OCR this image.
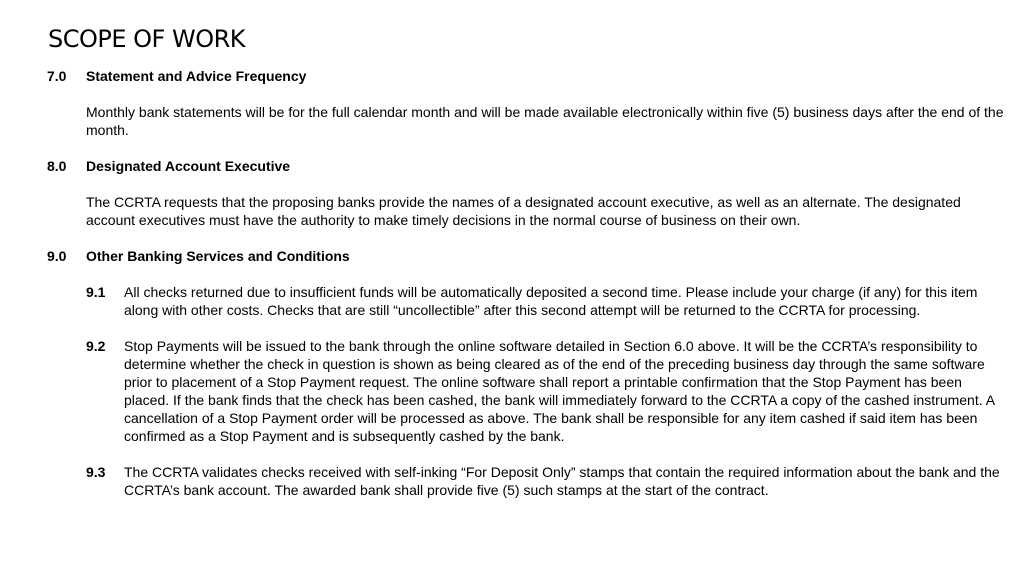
SCOPE OF WORK
7.0	Statement and Advice Frequency

Monthly bank statements will be for the full calendar month and will be made available electronically within five (5) business days after the end of the month.

8.0	Designated Account Executive

The CCRTA requests that the proposing banks provide the names of a designated account executive, as well as an alternate. The designated account executives must have the authority to make timely decisions in the normal course of business on their own.

9.0	Other Banking Services and Conditions
9.1	All checks returned due to insufficient funds will be automatically deposited a second time. Please include your charge (if any) for this item along with other costs. Checks that are still “uncollectible” after this second attempt will be returned to the CCRTA for processing.
9.2	Stop Payments will be issued to the bank through the online software detailed in Section 6.0 above. It will be the CCRTA’s responsibility to determine whether the check in question is shown as being cleared as of the end of the preceding business day through the same software prior to placement of a Stop Payment request. The online software shall report a printable confirmation that the Stop Payment has been placed. If the bank finds that the check has been cashed, the bank will immediately forward to the CCRTA a copy of the cashed instrument. A cancellation of a Stop Payment order will be processed as above. The bank shall be responsible for any item cashed if said item has been confirmed as a Stop Payment and is subsequently cashed by the bank.
9.3	The CCRTA validates checks received with self-inking “For Deposit Only” stamps that contain the required information about the bank and the CCRTA’s bank account. The awarded bank shall provide five (5) such stamps at the start of the contract.
